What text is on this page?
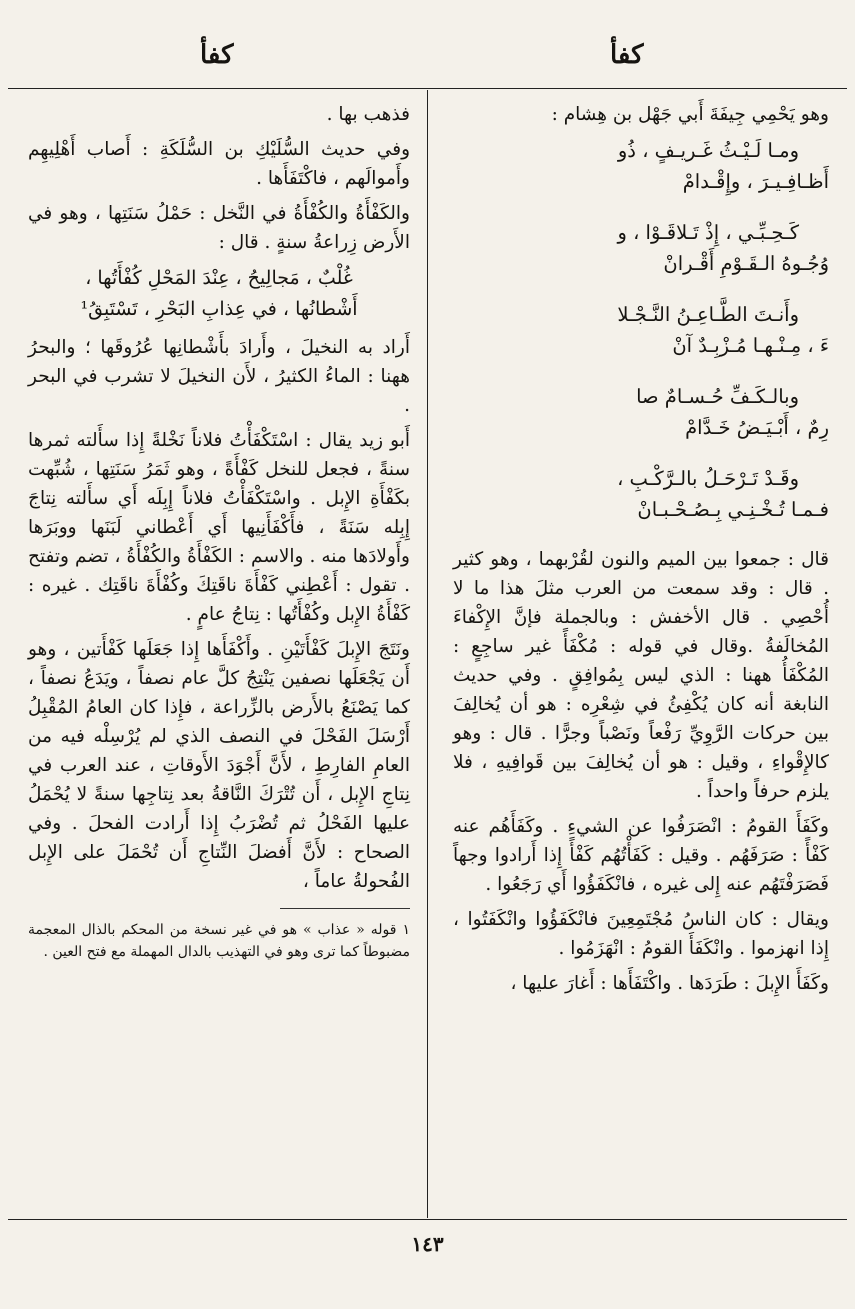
كفأ
كفأ

وهو يَحْمِي جِيفَةَ أَبي جَهْل بن هِشام :

ومـا لَـيْـثُ غَـريـفٍ ، ذُو
أَظـافِـيـرَ ، وإِقْـدامْ
كَـحِـبِّـي ، إِذْ تَـلاقَـوْا ، و
وُجُـوهُ الـقَـوْمِ أَقْـرانْ
وأَنـتَ الطَّـاعِـنُ النَّـجْـلا
ءَ ، مِـنْـهـا مُـزْبِـدٌ آنْ
وبالـكَـفِّ حُـسـامٌ صا
رِمٌ ، أَبْـيَـضُ خَـدَّامْ
وقَـدْ تَـرْحَـلُ بالـرَّكْـبِ ،
فـمـا تُـخْـنِـي بِـصُـحْـبـانْ

قال : جمعوا بين الميم والنون لقُرْبهما ، وهو كثير . قال : وقد سمعت من العرب مثلَ هذا ما لا أُحْصِي . قال الأخفش : وبالجملة فإنَّ الإِكْفاءَ المُخالَفةُ .وقال في قوله : مُكْفَأً غير ساجِعٍ : المُكْفَأُ ههنا : الذي ليس بِمُوافِقٍ . وفي حديث النابغة أنه كان يُكْفِئُ في شِعْرِه : هو أن يُخالِفَ بين حركات الرَّوِيِّ رَفْعاً ونَصْباً وجرًّا . قال : وهو كالإِقْواءِ ، وقيل : هو أن يُخالِفَ بين قَوافِيهِ ، فلا يلزم حرفاً واحداً .

وكَفَأَ القومُ : انْصَرَفُوا عن الشيءِ . وكَفَأَهُم عنه كَفْأً : صَرَفَهُم . وقيل : كَفَأْتُهُم كَفْأً إِذا أَرادوا وجهاً فَصَرَفْتَهُم عنه إِلى غيره ، فانْكَفَؤُوا أَي رَجَعُوا .

ويقال : كان الناسُ مُجْتَمِعِينَ فانْكَفَؤُوا وانْكَفَتُوا ، إِذا انهزموا . وانْكَفَأَ القومُ : انْهَزَمُوا .

وكَفَأَ الإِبلَ : طَرَدَها . واكْتَفَأَها : أَغارَ عليها ،

فذهب بها .

وفي حديث السُّلَيْكِ بن السُّلَكَةِ : أَصاب أَهْلِيهِم وأَموالَهم ، فاكْتَفَأَها .

والكَفْأَةُ والكُفْأَةُ في النَّخل : حَمْلُ سَنَتِها ، وهو في الأَرض زِراعةُ سنةٍ . قال :

غُلْبٌ ، مَجالِيحُ ، عِنْدَ المَحْلِ كُفْأَتُها ،
أَشْطانُها ، في عِذابِ البَحْرِ ، تَسْتَبِقُ¹

أَراد به النخيلَ ، وأَرادَ بأَشْطانِها عُرُوقَها ؛ والبحرُ ههنا : الماءُ الكثيرُ ، لأَن النخيلَ لا تشرب في البحر .

أَبو زيد يقال : اسْتَكْفَأْتُ فلاناً نَخْلةً إِذا سأَلته ثمرها سنةً ، فجعل للنخل كَفْأَةً ، وهو ثَمَرُ سَنَتِها ، شُبِّهت بكَفْأَةِ الإِبل . واسْتَكْفَأْتُ فلاناً إِبِلَه أَي سأَلته نِتاجَ إِبِله سَنَةً ، فأَكْفَأَنِيها أَي أَعْطاني لَبَنَها ووبَرَها وأَولادَها منه . والاسم : الكَفْأَةُ والكُفْأَةُ ، تضم وتفتح . تقول : أَعْطِني كَفْأَةَ ناقَتِكَ وكُفْأَةَ ناقَتِك . غيره : كَفْأَةُ الإِبل وكُفْأَتُها : نِتاجُ عامٍ .

ونَتَجَ الإِبلَ كَفْأَتَيْنِ . وأَكْفَأَها إِذا جَعَلَها كَفْأَتين ، وهو أَن يَجْعَلَها نصفين يَنْتِجُ كلَّ عام نصفاً ، ويَدَعُ نصفاً ، كما يَصْنَعُ بالأَرض بالزِّراعة ، فإِذا كان العامُ المُقْبِلُ أَرْسَلَ الفَحْلَ في النصف الذي لم يُرْسِلْه فيه من العامِ الفارِطِ ، لأَنَّ أَجْوَدَ الأَوقاتِ ، عند العرب في نِتاجِ الإِبل ، أَن تُتْرَكَ النَّاقةُ بعد نِتاجِها سنةً لا يُحْمَلُ عليها الفَحْلُ ثم تُضْرَبُ إِذا أَرادت الفحلَ . وفي الصحاح : لأَنَّ أَفضلَ النِّتاجِ أَن تُحْمَلَ على الإِبل الفُحولةُ عاماً ،

١ قوله « عذاب » هو في غير نسخة من المحكم بالذال المعجمة مضبوطاً كما ترى وهو في التهذيب بالدال المهملة مع فتح العين .
١٤٣
